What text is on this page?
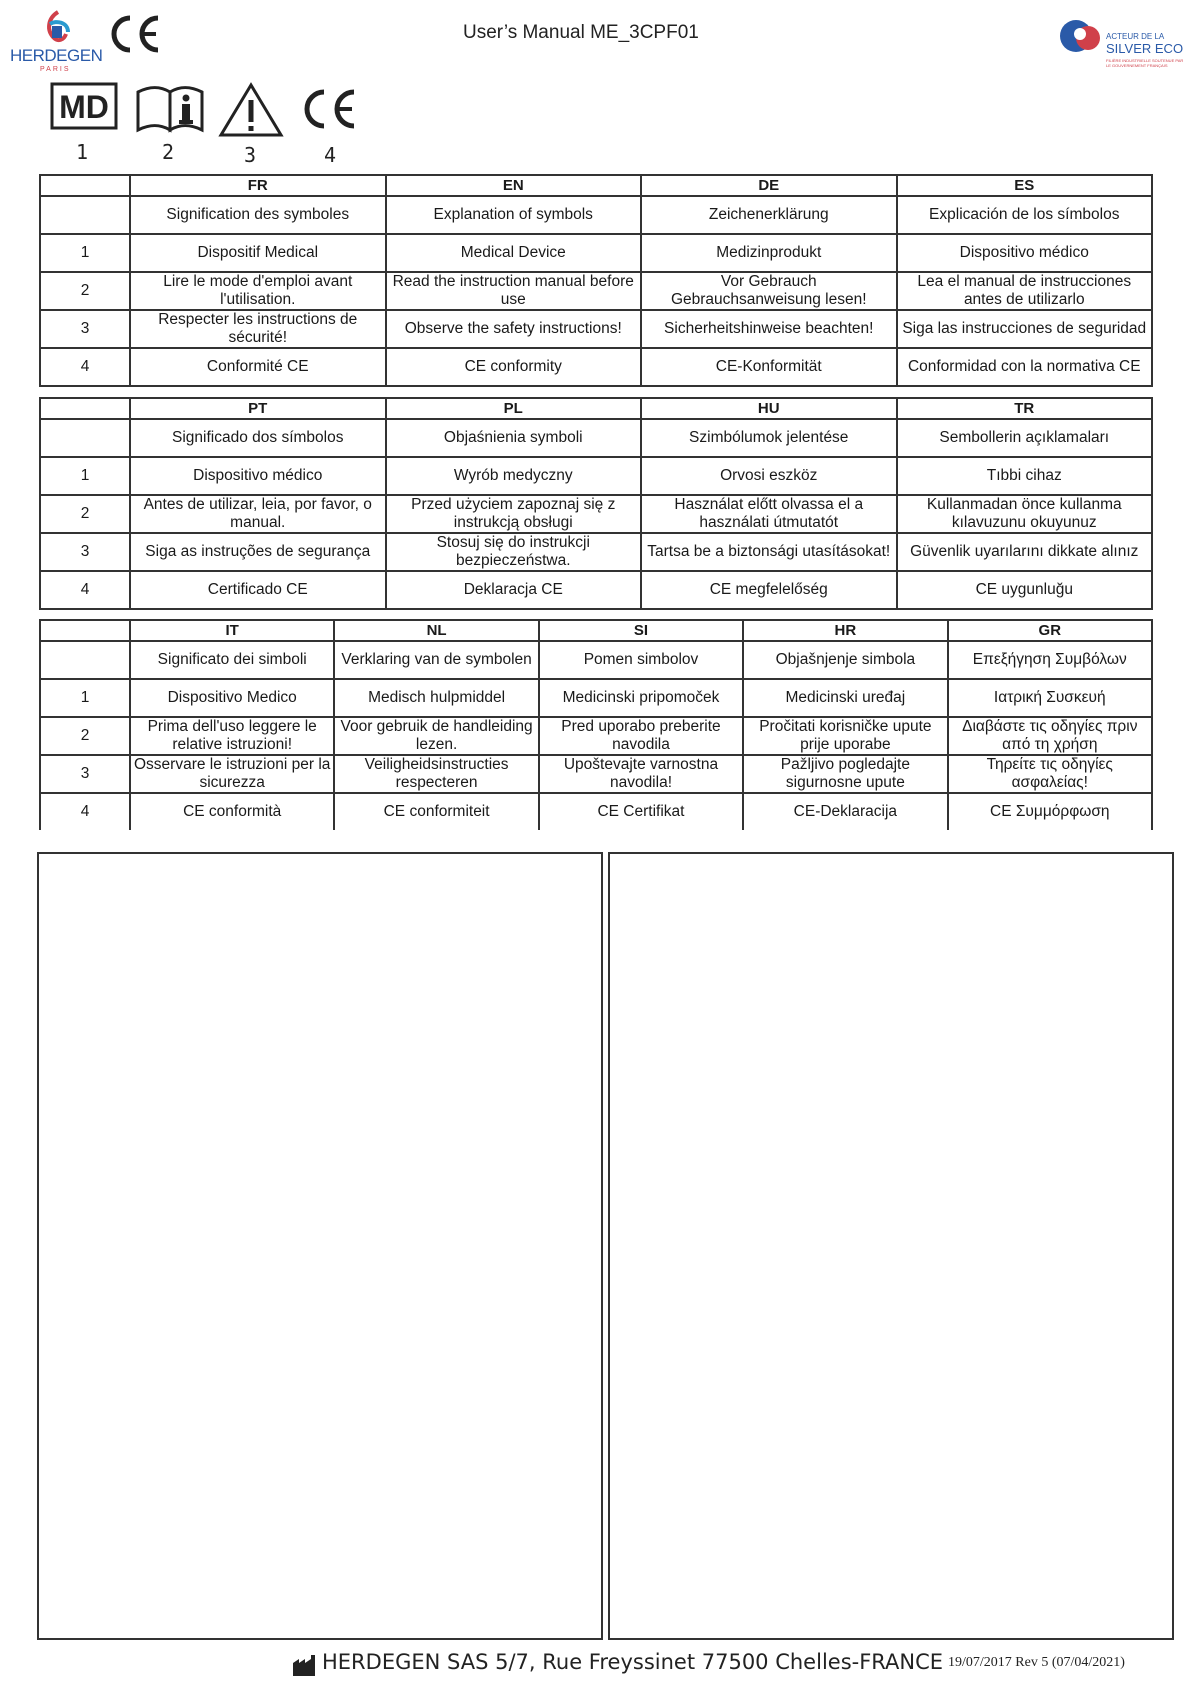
HERDEGEN
PARIS
User’s Manual ME_3CPF01	ACTEUR DE LA
SILVER ECO
FILIÈRE INDUSTRIELLE SOUTENUE PAR LE GOUVERNEMENT FRANÇAIS
MD
1	2	3	4
	FR	EN	DE	ES
	Signification des symboles	Explanation of symbols	Zeichenerklärung	Explicación de los símbolos
1	Dispositif Medical	Medical Device	Medizinprodukt	Dispositivo médico
2	Lire le mode d'emploi avant l'utilisation.	Read the instruction manual before use	Vor Gebrauch Gebrauchsanweisung lesen!	Lea el manual de instrucciones antes de utilizarlo
3	Respecter les instructions de sécurité!	Observe the safety instructions!	Sicherheitshinweise beachten!	Siga las instrucciones de seguridad
4	Conformité CE	CE conformity	CE-Konformität	Conformidad con la normativa CE
	PT	PL	HU	TR
	Significado dos símbolos	Objaśnienia symboli	Szimbólumok jelentése	Sembollerin açıklamaları
1	Dispositivo médico	Wyrób medyczny	Orvosi eszköz	Tıbbi cihaz
2	Antes de utilizar, leia, por favor, o manual.	Przed użyciem zapoznaj się z instrukcją obsługi	Használat előtt olvassa el a használati útmutatót	Kullanmadan önce kullanma kılavuzunu okuyunuz
3	Siga as instruções de segurança	Stosuj się do instrukcji bezpieczeństwa.	Tartsa be a biztonsági utasításokat!	Güvenlik uyarılarını dikkate alınız
4	Certificado CE	Deklaracja CE	CE megfelelőség	CE uygunluğu
	IT	NL	SI	HR	GR
	Significato dei simboli	Verklaring van de symbolen	Pomen simbolov	Objašnjenje simbola	Επεξήγηση Συμβόλων
1	Dispositivo Medico	Medisch hulpmiddel	Medicinski pripomoček	Medicinski uređaj	Ιατρική Συσκευή
2	Prima dell'uso leggere le relative istruzioni!	Voor gebruik de handleiding lezen.	Pred uporabo preberite navodila	Pročitati korisničke upute prije uporabe	Διαβάστε τις οδηγίες πριν από τη χρήση
3	Osservare le istruzioni per la sicurezza	Veiligheidsinstructies respecteren	Upoštevajte varnostna navodila!	Pažljivo pogledajte sigurnosne upute	Τηρείτε τις οδηγίες ασφαλείας!
4	CE conformità	CE conformiteit	CE Certifikat	CE-Deklaracija	CE Συμμόρφωση
HERDEGEN SAS 5/7, Rue Freyssinet 77500 Chelles-FRANCE 19/07/2017 Rev 5 (07/04/2021)
